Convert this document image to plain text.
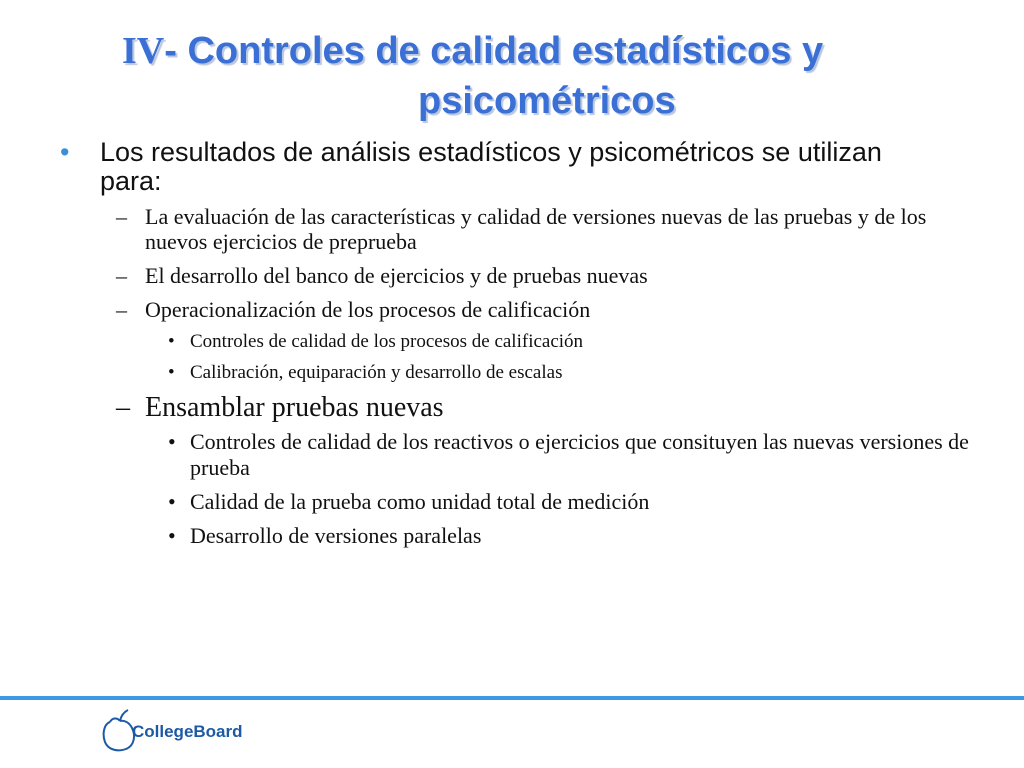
IV- Controles de calidad estadísticos y
psicométricos
• Los resultados de análisis estadísticos y psicométricos se utilizan para:
– La evaluación de las características y calidad de versiones nuevas de las pruebas y de los nuevos ejercicios de preprueba
– El desarrollo del banco de ejercicios y de pruebas nuevas
– Operacionalización de los procesos de calificación
• Controles de calidad de los procesos de calificación
• Calibración, equiparación y desarrollo de escalas
– Ensamblar pruebas nuevas
• Controles de calidad de los reactivos o ejercicios que consituyen las nuevas versiones de prueba
• Calidad de la prueba como unidad total de medición
• Desarrollo de versiones paralelas
CollegeBoard
